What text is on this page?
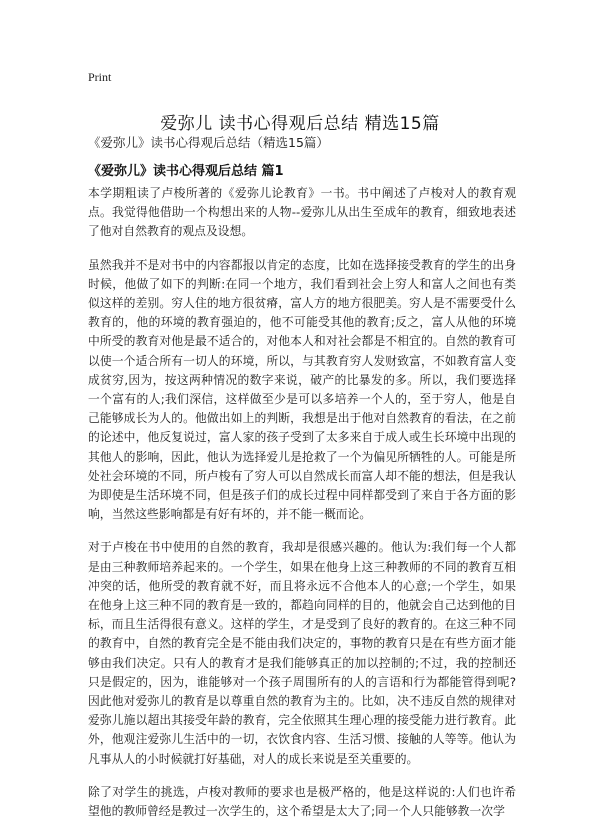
Print
爱弥儿 读书心得观后总结 精选15篇
《爱弥儿》读书心得观后总结（精选15篇）
《爱弥儿》读书心得观后总结 篇1

本学期粗读了卢梭所著的《爱弥儿论教育》一书。书中阐述了卢梭对人的教育观点。我觉得他借助一个构想出来的人物--爱弥儿从出生至成年的教育，细致地表述了他对自然教育的观点及设想。

虽然我并不是对书中的内容都报以肯定的态度，比如在选择接受教育的学生的出身时候，他做了如下的判断:在同一个地方，我们看到社会上穷人和富人之间也有类似这样的差别。穷人住的地方很贫瘠，富人方的地方很肥美。穷人是不需要受什么教育的，他的环境的教育强迫的，他不可能受其他的教育;反之，富人从他的环境中所受的教育对他是最不适合的，对他本人和对社会都是不相宜的。自然的教育可以使一个适合所有一切人的环境，所以，与其教育穷人发财致富，不如教育富人变成贫穷,因为，按这两种情况的数字来说，破产的比暴发的多。所以，我们要选择一个富有的人;我们深信，这样做至少是可以多培养一个人的，至于穷人，他是自己能够成长为人的。他做出如上的判断，我想是出于他对自然教育的看法，在之前的论述中，他反复说过，富人家的孩子受到了太多来自于成人或生长环境中出现的其他人的影响，因此，他认为选择爱儿是抢救了一个为偏见所牺牲的人。可能是所处社会环境的不同，所卢梭有了穷人可以自然成长而富人却不能的想法，但是我认为即使是生活环境不同，但是孩子们的成长过程中同样都受到了来自于各方面的影响，当然这些影响都是有好有坏的，并不能一概而论。

对于卢梭在书中使用的自然的教育，我却是很感兴趣的。他认为:我们每一个人都是由三种教师培养起来的。一个学生，如果在他身上这三种教师的不同的教育互相冲突的话，他所受的教育就不好，而且将永远不合他本人的心意;一个学生，如果在他身上这三种不同的教育是一致的，都趋向同样的目的，他就会自己达到他的目标，而且生活得很有意义。这样的学生，才是受到了良好的教育的。在这三种不同的教育中，自然的教育完全是不能由我们决定的，事物的教育只是在有些方面才能够由我们决定。只有人的教育才是我们能够真正的加以控制的;不过，我的控制还只是假定的，因为，谁能够对一个孩子周围所有的人的言语和行为都能管得到呢?因此他对爱弥儿的教育是以尊重自然的教育为主的。比如，决不违反自然的规律对爱弥儿施以超出其接受年龄的教育，完全依照其生理心理的接受能力进行教育。此外，他观注爱弥儿生活中的一切，衣饮食内容、生活习惯、接触的人等等。他认为凡事从人的小时候就打好基础，对人的成长来说是至关重要的。

除了对学生的挑选，卢梭对教师的要求也是极严格的，他是这样说的:人们也许希望他的教师曾经是教过一次学生的，这个希望是太大了;同一个人只能够教一次学
